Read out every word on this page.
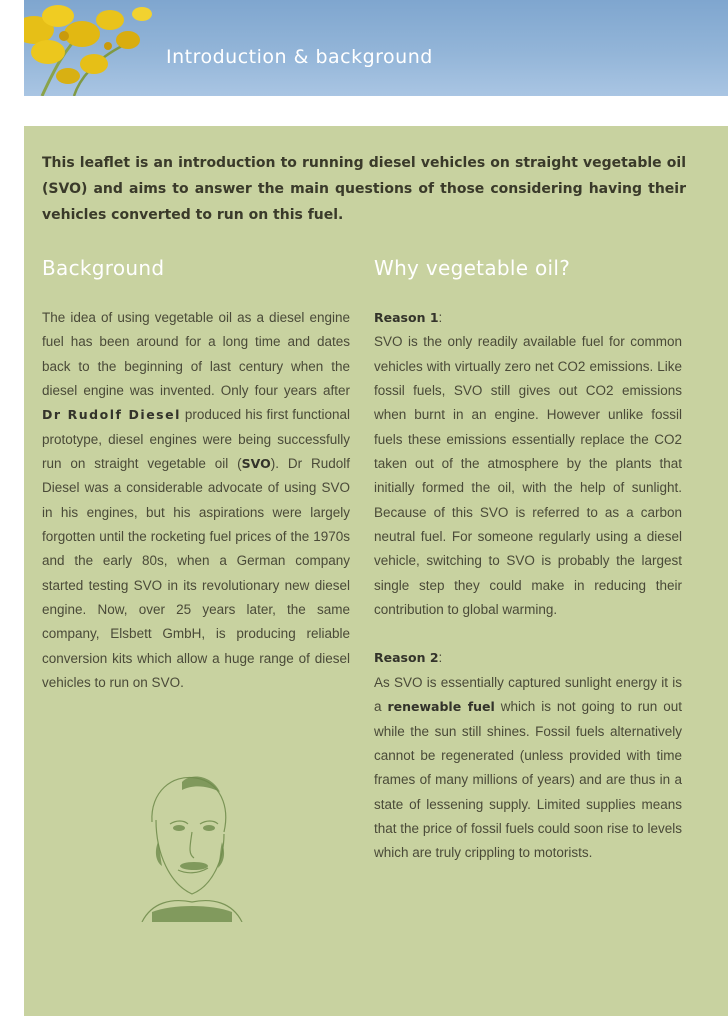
Introduction & background
This leaflet is an introduction to running diesel vehicles on straight vegetable oil (SVO) and aims to answer the main questions of those considering having their vehicles converted to run on this fuel.
Background	Why vegetable oil?

The idea of using vegetable oil as a diesel engine fuel has been around for a long time and dates back to the beginning of last century when the diesel engine was invented. Only four years after Dr Rudolf Diesel produced his first functional prototype, diesel engines were being successfully run on straight vegetable oil (SVO). Dr Rudolf Diesel was a considerable advocate of using SVO in his engines, but his aspirations were largely forgotten until the rocketing fuel prices of the 1970s and the early 80s, when a German company started testing SVO in its revolutionary new diesel engine. Now, over 25 years later, the same company, Elsbett GmbH, is producing reliable conversion kits which allow a huge range of diesel vehicles to run on SVO.

Reason 1:

SVO is the only readily available fuel for common vehicles with virtually zero net CO2 emissions. Like fossil fuels, SVO still gives out CO2 emissions when burnt in an engine. However unlike fossil fuels these emissions essentially replace the CO2 taken out of the atmosphere by the plants that initially formed the oil, with the help of sunlight. Because of this SVO is referred to as a carbon neutral fuel. For someone regularly using a diesel vehicle, switching to SVO is probably the largest single step they could make in reducing their contribution to global warming.

Reason 2:

As SVO is essentially captured sunlight energy it is a renewable fuel which is not going to run out while the sun still shines. Fossil fuels alternatively cannot be regenerated (unless provided with time frames of many millions of years) and are thus in a state of lessening supply. Limited supplies means that the price of fossil fuels could soon rise to levels which are truly crippling to motorists.
